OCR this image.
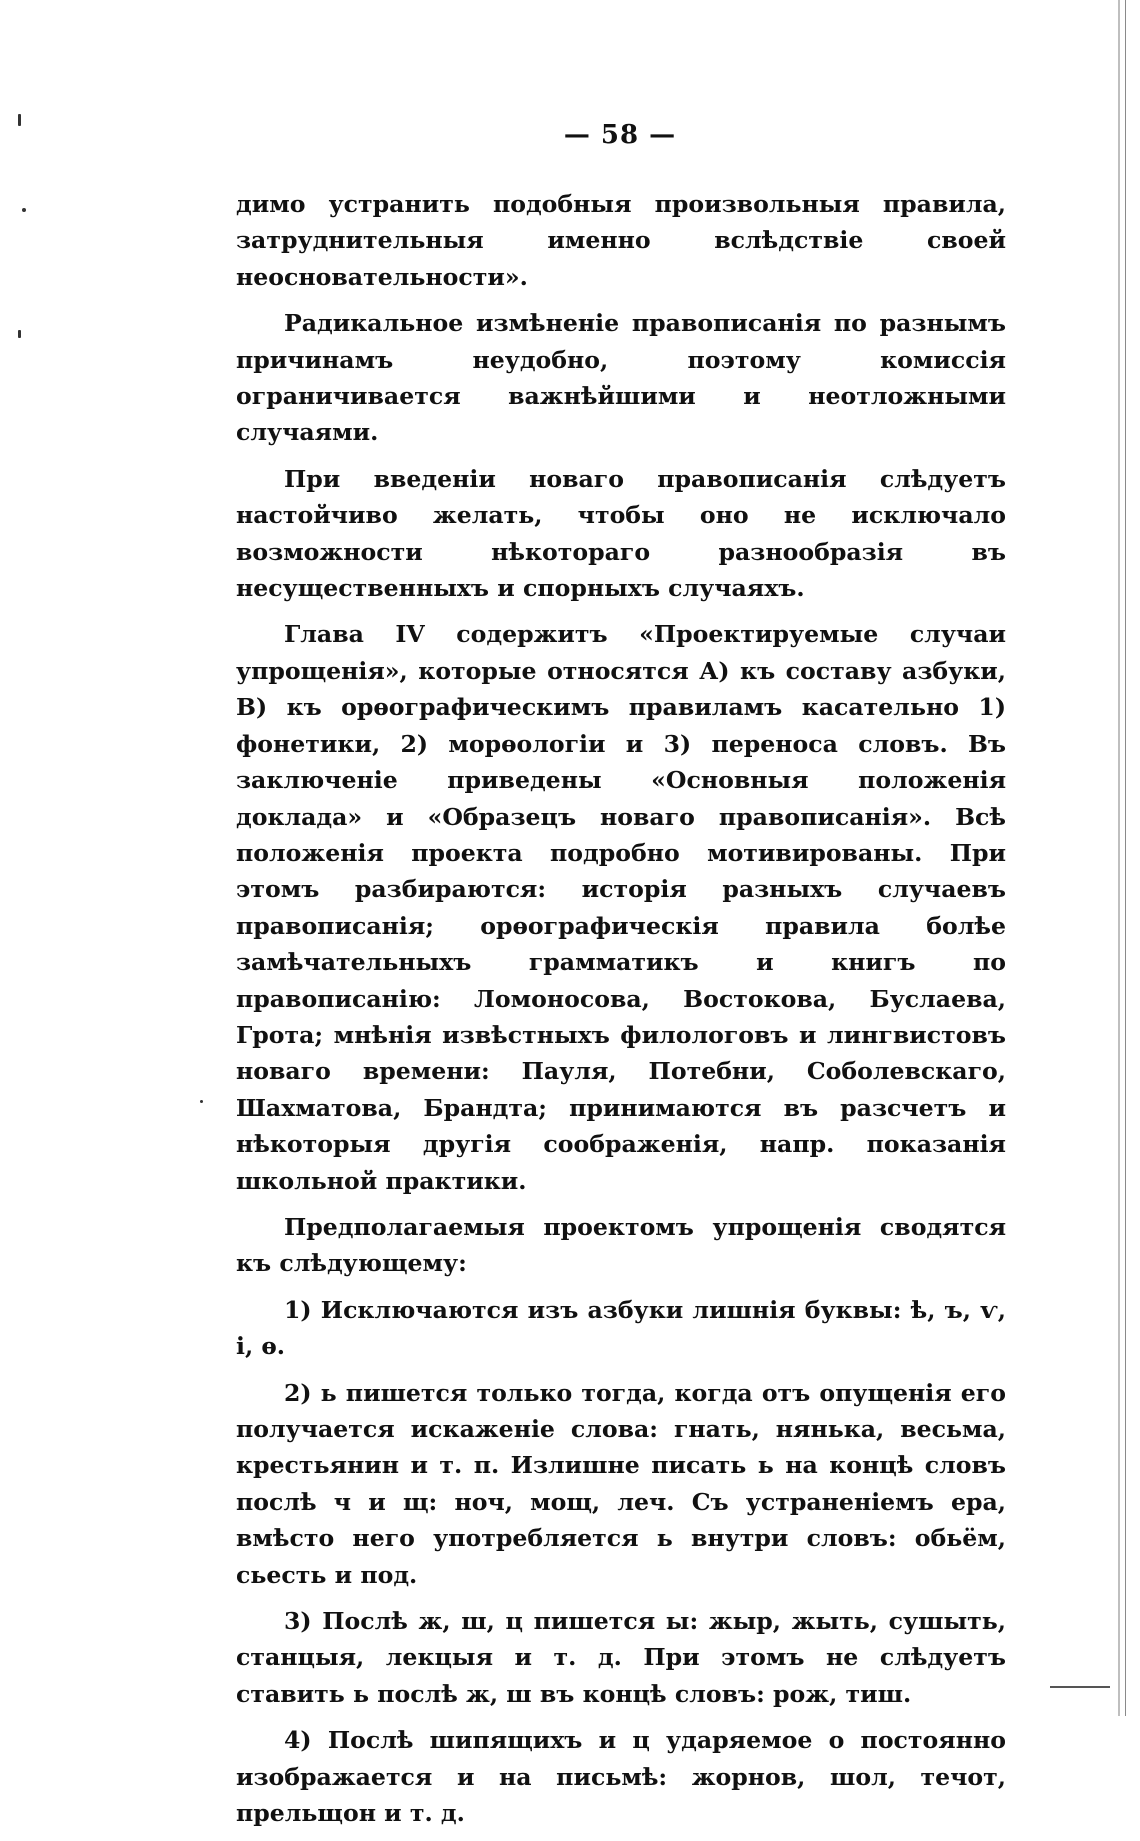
— 58 —

димо устранить подобныя произвольныя правила, затруднительныя именно вслѣдствіе своей неосновательности».

Радикальное измѣненіе правописанія по разнымъ причинамъ неудобно, поэтому комиссія ограничивается важнѣйшими и неотложными случаями.

При введеніи новаго правописанія слѣдуетъ настойчиво желать, чтобы оно не исключало возможности нѣкотораго разнообразія въ несущественныхъ и спорныхъ случаяхъ.

Глава IV содержитъ «Проектируемые случаи упрощенія», которые относятся А) къ составу азбуки, В) къ орѳографическимъ правиламъ касательно 1) фонетики, 2) морѳологіи и 3) переноса словъ. Въ заключеніе приведены «Основныя положенія доклада» и «Образецъ новаго правописанія». Всѣ положенія проекта подробно мотивированы. При этомъ разбираются: исторія разныхъ случаевъ правописанія; орѳографическія правила болѣе замѣчательныхъ грамматикъ и книгъ по правописанію: Ломоносова, Востокова, Буслаева, Грота; мнѣнія извѣстныхъ филологовъ и лингвистовъ новаго времени: Пауля, Потебни, Соболевскаго, Шахматова, Брандта; принимаются въ разсчетъ и нѣкоторыя другія соображенія, напр. показанія школьной практики.

Предполагаемыя проектомъ упрощенія сводятся къ слѣдующему:

1) Исключаются изъ азбуки лишнія буквы: ѣ, ъ, ѵ, і, ѳ.

2) ь пишется только тогда, когда отъ опущенія его получается искаженіе слова: гнать, нянька, весьма, крестьянин и т. п. Излишне писать ь на концѣ словъ послѣ ч и щ: ноч, мощ, леч. Съ устраненіемъ ера, вмѣсто него употребляется ь внутри словъ: обьём, сьесть и под.

3) Послѣ ж, ш, ц пишется ы: жыр, жыть, сушыть, станцыя, лекцыя и т. д. При этомъ не слѣдуетъ ставить ь послѣ ж, ш въ концѣ словъ: рож, тиш.

4) Послѣ шипящихъ и ц ударяемое о постоянно изображается и на письмѣ: жорнов, шол, течот, прельщон и т. д.
